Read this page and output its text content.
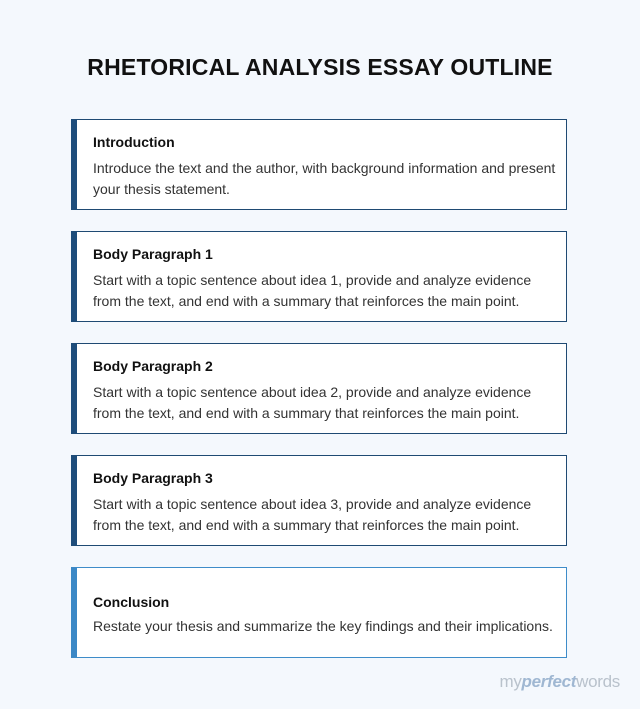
RHETORICAL ANALYSIS ESSAY OUTLINE
Introduction
Introduce the text and the author, with background information and present your thesis statement.
Body Paragraph 1
Start with a topic sentence about idea 1, provide and analyze evidence from the text, and end with a summary that reinforces the main point.
Body Paragraph 2
Start with a topic sentence about idea 2, provide and analyze evidence from the text, and end with a summary that reinforces the main point.
Body Paragraph 3
Start with a topic sentence about idea 3, provide and analyze evidence from the text, and end with a summary that reinforces the main point.
Conclusion
Restate your thesis and summarize the key findings and their implications.
myperfectwords
